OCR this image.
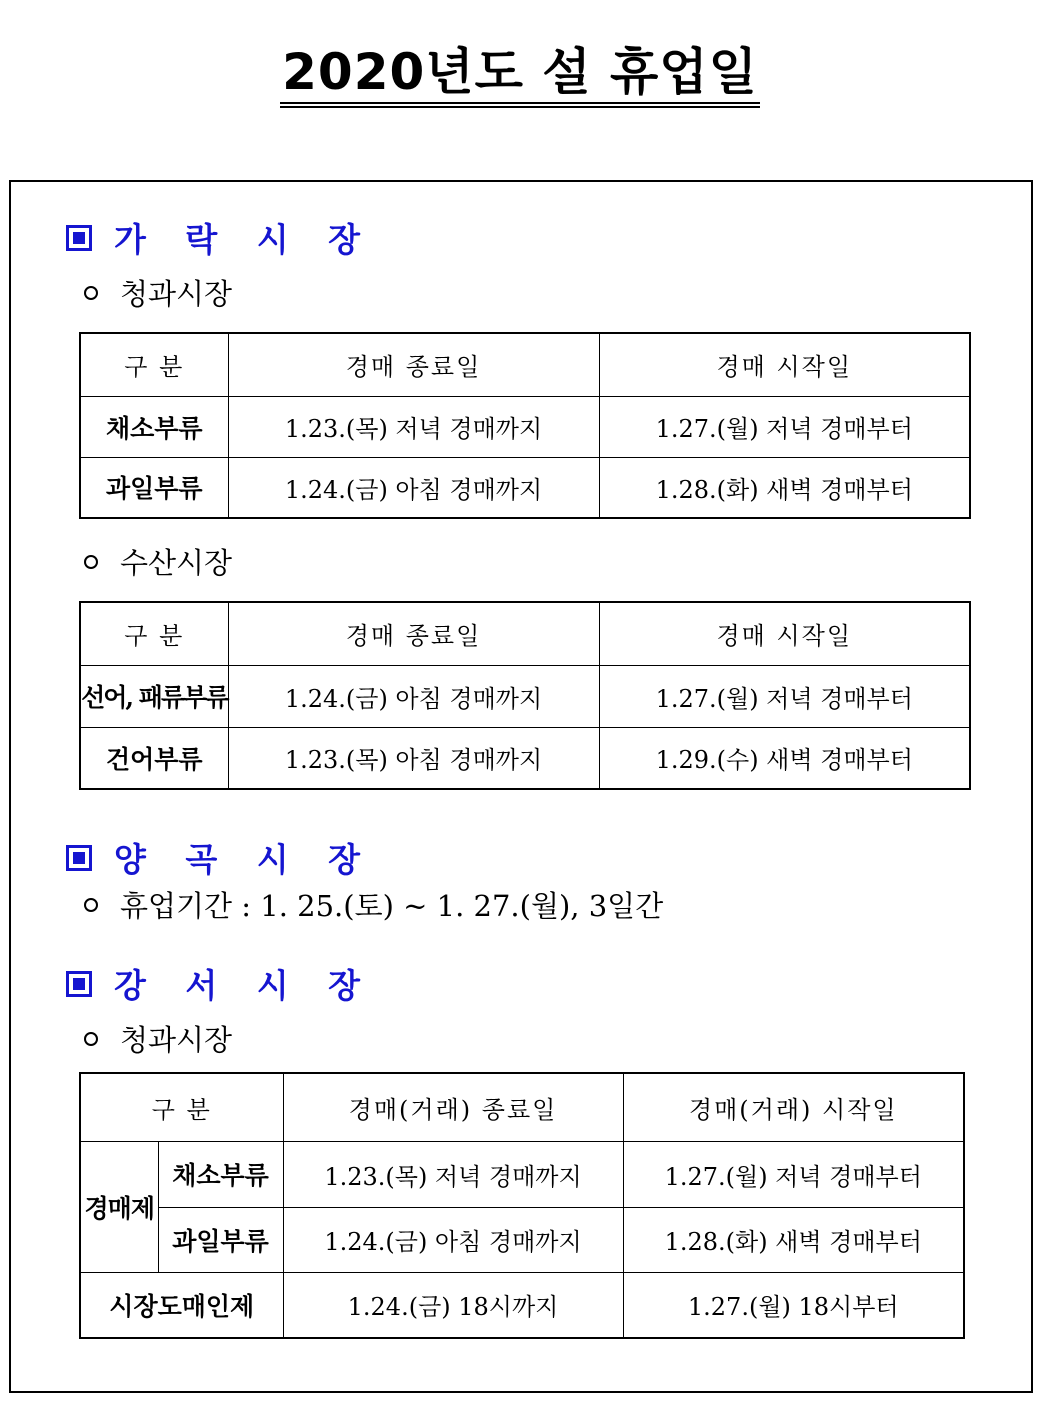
2020년도 설 휴업일
가 락 시 장
청과시장
구 분	경매 종료일	경매 시작일
채소부류	1.23.(목) 저녁 경매까지	1.27.(월) 저녁 경매부터
과일부류	1.24.(금) 아침 경매까지	1.28.(화) 새벽 경매부터
수산시장
구 분	경매 종료일	경매 시작일
선어, 패류부류	1.24.(금) 아침 경매까지	1.27.(월) 저녁 경매부터
건어부류	1.23.(목) 아침 경매까지	1.29.(수) 새벽 경매부터
양 곡 시 장
휴업기간 : 1. 25.(토) ~ 1. 27.(월), 3일간
강 서 시 장
청과시장
구 분		경매(거래) 종료일	경매(거래) 시작일
경매제	채소부류	1.23.(목) 저녁 경매까지	1.27.(월) 저녁 경매부터
	과일부류	1.24.(금) 아침 경매까지	1.28.(화) 새벽 경매부터
시장도매인제		1.24.(금) 18시까지	1.27.(월) 18시부터
